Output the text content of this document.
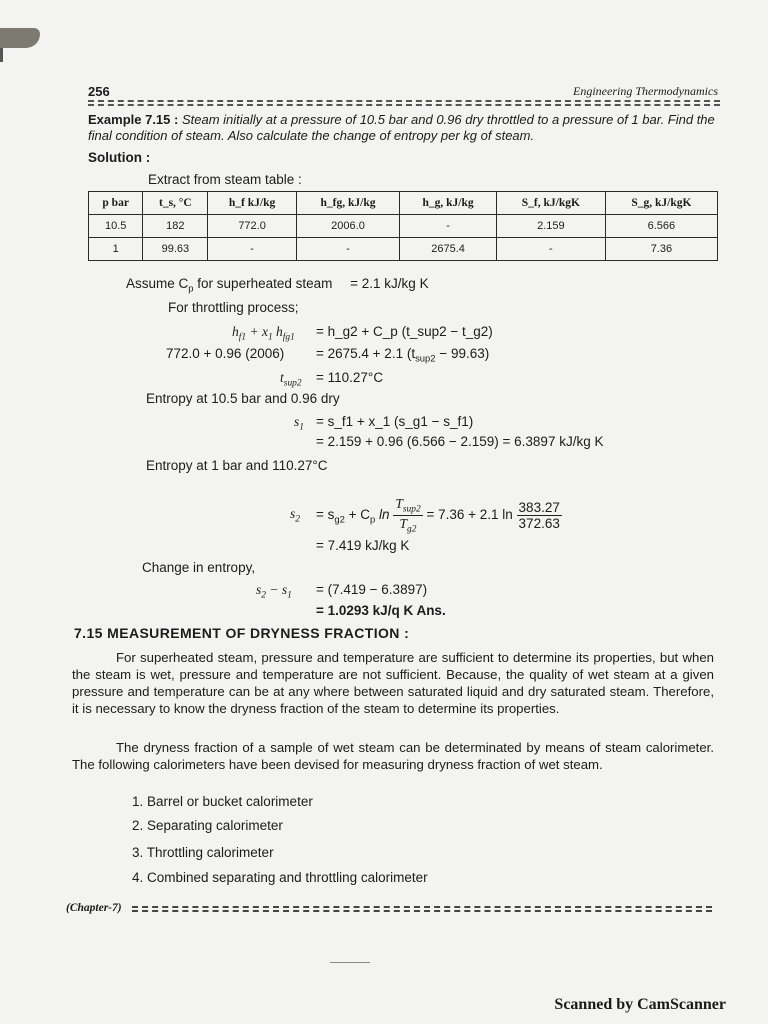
256	Engineering Thermodynamics
Example 7.15 : Steam initially at a pressure of 10.5 bar and 0.96 dry throttled to a pressure of 1 bar. Find the final condition of steam. Also calculate the change of entropy per kg of steam.
Solution :
Extract from steam table :
p bar	t_s, °C	h_f kJ/kg	h_fg, kJ/kg	h_g, kJ/kg	S_f, kJ/kgK	S_g, kJ/kgK
10.5	182	772.0	2006.0	-	2.159	6.566
1	99.63	-	-	2675.4	-	7.36
Assume $C_p$ for superheated steam = 2.1 kJ/kg K
For throttling process;
$h_{f1} + x_1$ $h_{fg1}$ = h_g2 + C_p (t_sup2 − t_g2)
772.0 + 0.96 (2006) = 2675.4 + 2.1 $(t_{sup2} - 99.63)$
$t_{sup2} = 110.27^\circ C$
Entropy at 10.5 bar and 0.96 dry
$s_1$ = s_f1 + x_1 (s_g1 − s_f1)
= 2.159 + 0.96 (6.566 − 2.159) = 6.3897 kJ/kg K
Entropy at 1 bar and 110.27°C
$s_2 = s_{g2} + C_p$ $\ln \frac{T_{sup2}}{T_{g2}} = 7.36 + 2.1$ $\ln \frac{383.27}{372.63}$
= 7.419 kJ/kg K
Change in entropy,
$s_2 - s_1 = (7.419 - 6.3897)$
= 1.0293 kJ/q K Ans.
7.15 MEASUREMENT OF DRYNESS FRACTION :
For superheated steam, pressure and temperature are sufficient to determine its properties, but when the steam is wet, pressure and temperature are not sufficient. Because, the quality of wet steam at a given pressure and temperature can be at any where between saturated liquid and dry saturated steam. Therefore, it is necessary to know the dryness fraction of the steam to determine its properties.
The dryness fraction of a sample of wet steam can be determinated by means of steam calorimeter. The following calorimeters have been devised for measuring dryness fraction of wet steam.
1. Barrel or bucket calorimeter
2. Separating calorimeter
3. Throttling calorimeter
4. Combined separating and throttling calorimeter
(Chapter-7)
Scanned by CamScanner
